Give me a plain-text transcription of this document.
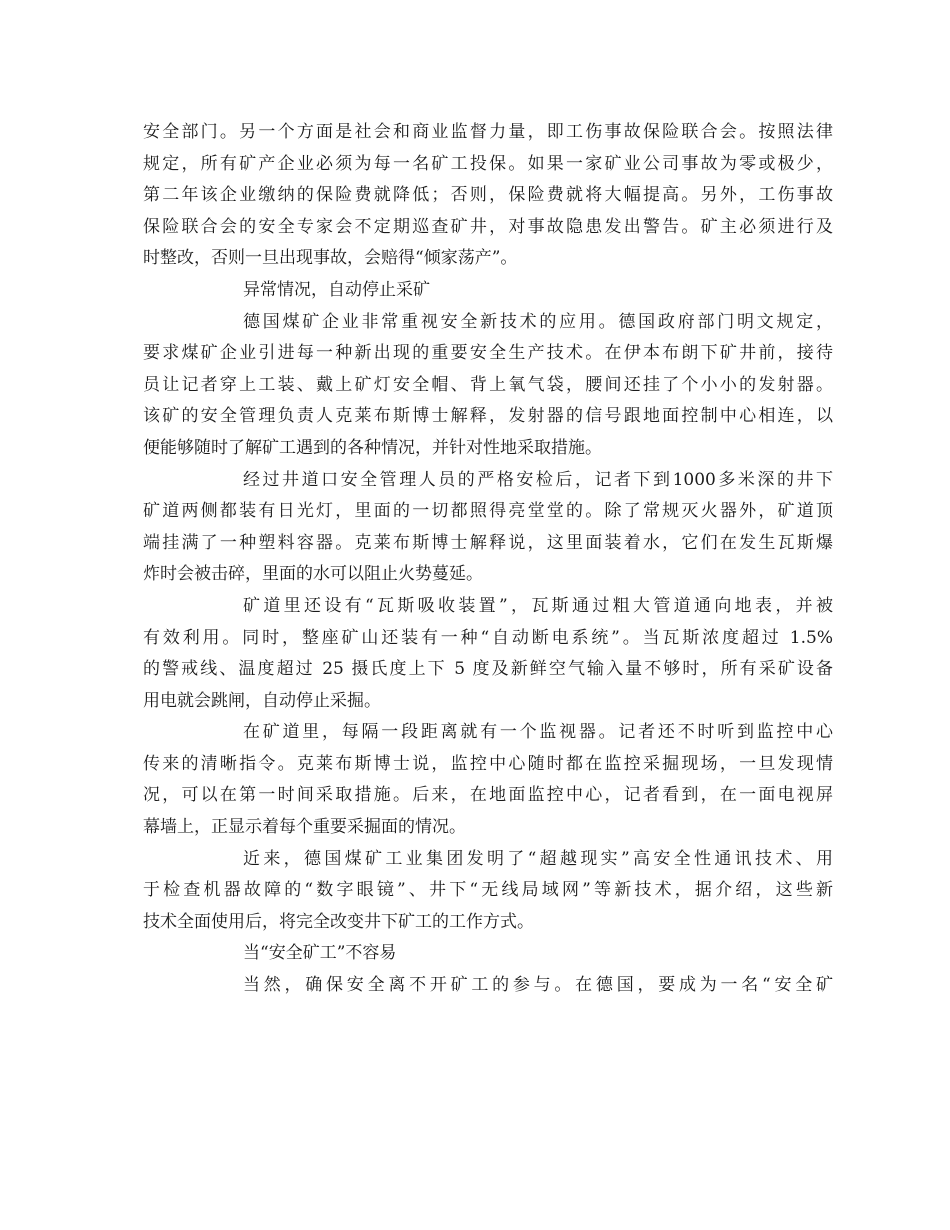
安全部门。另一个方面是社会和商业监督力量，即工伤事故保险联合会。按照法律
规定，所有矿产企业必须为每一名矿工投保。如果一家矿业公司事故为零或极少，
第二年该企业缴纳的保险费就降低；否则，保险费就将大幅提高。另外，工伤事故
保险联合会的安全专家会不定期巡查矿井，对事故隐患发出警告。矿主必须进行及
时整改，否则一旦出现事故，会赔得“倾家荡产”。
异常情况，自动停止采矿
德国煤矿企业非常重视安全新技术的应用。德国政府部门明文规定，
要求煤矿企业引进每一种新出现的重要安全生产技术。在伊本布朗下矿井前，接待
员让记者穿上工装、戴上矿灯安全帽、背上氧气袋，腰间还挂了个小小的发射器。
该矿的安全管理负责人克莱布斯博士解释，发射器的信号跟地面控制中心相连，以
便能够随时了解矿工遇到的各种情况，并针对性地采取措施。
经过井道口安全管理人员的严格安检后，记者下到1000多米深的井下
矿道两侧都装有日光灯，里面的一切都照得亮堂堂的。除了常规灭火器外，矿道顶
端挂满了一种塑料容器。克莱布斯博士解释说，这里面装着水，它们在发生瓦斯爆
炸时会被击碎，里面的水可以阻止火势蔓延。
矿道里还设有“瓦斯吸收装置”，瓦斯通过粗大管道通向地表，并被
有效利用。同时，整座矿山还装有一种“自动断电系统”。当瓦斯浓度超过 1.5%
的警戒线、温度超过 25 摄氏度上下 5 度及新鲜空气输入量不够时，所有采矿设备
用电就会跳闸，自动停止采掘。
在矿道里，每隔一段距离就有一个监视器。记者还不时听到监控中心
传来的清晰指令。克莱布斯博士说，监控中心随时都在监控采掘现场，一旦发现情
况，可以在第一时间采取措施。后来，在地面监控中心，记者看到，在一面电视屏
幕墙上，正显示着每个重要采掘面的情况。
近来，德国煤矿工业集团发明了“超越现实”高安全性通讯技术、用
于检查机器故障的“数字眼镜”、井下“无线局域网”等新技术，据介绍，这些新
技术全面使用后，将完全改变井下矿工的工作方式。
当“安全矿工”不容易
当然，确保安全离不开矿工的参与。在德国，要成为一名“安全矿
